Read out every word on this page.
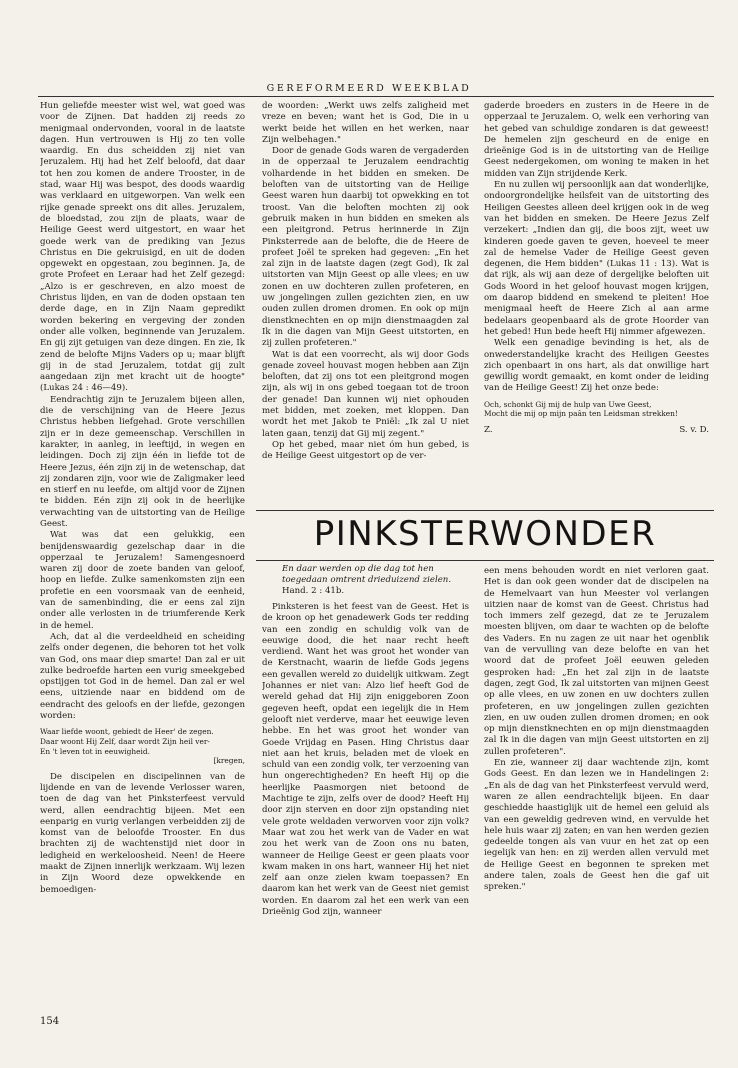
GEREFORMEERD WEEKBLAD

Hun geliefde meester wist wel, wat goed was voor de Zijnen. Dat hadden zij reeds zo menigmaal ondervonden, vooral in de laatste dagen. Hun vertrouwen is Hij zo ten volle waardig. En dus scheidden zij niet van Jeruzalem. Hij had het Zelf beloofd, dat daar tot hen zou komen de andere Trooster, in de stad, waar Hij was bespot, des doods waardig was verklaard en uitgeworpen. Van welk een rijke genade spreekt ons dit alles. Jeruzalem, de bloedstad, zou zijn de plaats, waar de Heilige Geest werd uitgestort, en waar het goede werk van de prediking van Jezus Christus en Die gekruisigd, en uit de doden opgewekt en opgestaan, zou beginnen. Ja, de grote Profeet en Leraar had het Zelf gezegd: „Alzo is er geschreven, en alzo moest de Christus lijden, en van de doden opstaan ten derde dage, en in Zijn Naam gepredikt worden bekering en vergeving der zonden onder alle volken, beginnende van Jeruzalem. En gij zijt getuigen van deze dingen. En zie, Ik zend de belofte Mijns Vaders op u; maar blijft gij in de stad Jeruzalem, totdat gij zult aangedaan zijn met kracht uit de hoogte" (Lukas 24 : 46—49).

Eendrachtig zijn te Jeruzalem bijeen allen, die de verschijning van de Heere Jezus Christus hebben liefgehad. Grote verschillen zijn er in deze gemeenschap. Verschillen in karakter, in aanleg, in leeftijd, in wegen en leidingen. Doch zij zijn één in liefde tot de Heere Jezus, één zijn zij in de wetenschap, dat zij zondaren zijn, voor wie de Zaligmaker leed en stierf en nu leefde, om altijd voor de Zijnen te bidden. Eén zijn zij ook in de heerlijke verwachting van de uitstorting van de Heilige Geest.

Wat was dat een gelukkig, een benijdenswaardig gezelschap daar in die opperzaal te Jeruzalem! Samengesnoerd waren zij door de zoete banden van geloof, hoop en liefde. Zulke samenkomsten zijn een profetie en een voorsmaak van de eenheid, van de samenbinding, die er eens zal zijn onder alle verlosten in de triumferende Kerk in de hemel.

Ach, dat al die verdeeldheid en scheiding zelfs onder degenen, die behoren tot het volk van God, ons maar diep smarte! Dan zal er uit zulke bedroefde harten een vurig smeekgebed opstijgen tot God in de hemel. Dan zal er wel eens, uitziende naar en biddend om de eendracht des geloofs en der liefde, gezongen worden:

Waar liefde woont, gebiedt de Heer' de zegen.
Daar woont Hij Zelf, daar wordt Zijn heil ver-
En 't leven tot in eeuwigheid.
[kregen,

De discipelen en discipelinnen van de lijdende en van de levende Verlosser waren, toen de dag van het Pinksterfeest vervuld werd, allen eendrachtig bijeen. Met een eenparig en vurig verlangen verbeidden zij de komst van de beloofde Trooster. En dus brachten zij de wachtenstijd niet door in ledigheid en werkeloosheid. Neen! de Heere maakt de Zijnen innerlijk werkzaam. Wij lezen in Zijn Woord deze opwekkende en bemoedigen-

de woorden: „Werkt uws zelfs zaligheid met vreze en beven; want het is God, Die in u werkt beide het willen en het werken, naar Zijn welbehagen."

Door de genade Gods waren de vergaderden in de opperzaal te Jeruzalem eendrachtig volhardende in het bidden en smeken. De beloften van de uitstorting van de Heilige Geest waren hun daarbij tot opwekking en tot troost. Van die beloften mochten zij ook gebruik maken in hun bidden en smeken als een pleitgrond. Petrus herinnerde in Zijn Pinksterrede aan de belofte, die de Heere de profeet Joël te spreken had gegeven: „En het zal zijn in de laatste dagen (zegt God), Ik zal uitstorten van Mijn Geest op alle vlees; en uw zonen en uw dochteren zullen profeteren, en uw jongelingen zullen gezichten zien, en uw ouden zullen dromen dromen. En ook op mijn dienstknechten en op mijn dienstmaagden zal Ik in die dagen van Mijn Geest uitstorten, en zij zullen profeteren."

Wat is dat een voorrecht, als wij door Gods genade zoveel houvast mogen hebben aan Zijn beloften, dat zij ons tot een pleitgrond mogen zijn, als wij in ons gebed toegaan tot de troon der genade! Dan kunnen wij niet ophouden met bidden, met zoeken, met kloppen. Dan wordt het met Jakob te Pniël: „Ik zal U niet laten gaan, tenzij dat Gij mij zegent."

Op het gebed, maar niet óm hun gebed, is de Heilige Geest uitgestort op de ver-

gaderde broeders en zusters in de Heere in de opperzaal te Jeruzalem. O, welk een verhoring van het gebed van schuldige zondaren is dat geweest! De hemelen zijn gescheurd en de enige en drieënige God is in de uitstorting van de Heilige Geest nedergekomen, om woning te maken in het midden van Zijn strijdende Kerk.

En nu zullen wij persoonlijk aan dat wonderlijke, ondoorgrondelijke heilsfeit van de uitstorting des Heiligen Geestes alleen deel krijgen ook in de weg van het bidden en smeken. De Heere Jezus Zelf verzekert: „Indien dan gij, die boos zijt, weet uw kinderen goede gaven te geven, hoeveel te meer zal de hemelse Vader de Heilige Geest geven degenen, die Hem bidden" (Lukas 11 : 13). Wat is dat rijk, als wij aan deze of dergelijke beloften uit Gods Woord in het geloof houvast mogen krijgen, om daarop biddend en smekend te pleiten! Hoe menigmaal heeft de Heere Zich al aan arme bedelaars geopenbaard als de grote Hoorder van het gebed! Hun bede heeft Hij nimmer afgewezen.

Welk een genadige bevinding is het, als de onwederstandelijke kracht des Heiligen Geestes zich openbaart in ons hart, als dat onwillige hart gewillig wordt gemaakt, en komt onder de leiding van de Heilige Geest! Zij het onze bede:

Och, schonkt Gij mij de hulp van Uwe Geest,
Mocht die mij op mijn paân ten Leidsman strekken!
Z.	S. v. D.
PINKSTERWONDER
En daar werden op die dag tot hen toegedaan omtrent drieduizend zielen. Hand. 2 : 41b.

Pinksteren is het feest van de Geest. Het is de kroon op het genadewerk Gods ter redding van een zondig en schuldig volk van de eeuwige dood, die het naar recht heeft verdiend. Want het was groot het wonder van de Kerstnacht, waarin de liefde Gods jegens een gevallen wereld zo duidelijk uitkwam. Zegt Johannes er niet van: Alzo lief heeft God de wereld gehad dat Hij zijn eniggeboren Zoon gegeven heeft, opdat een iegelijk die in Hem gelooft niet verderve, maar het eeuwige leven hebbe. En het was groot het wonder van Goede Vrijdag en Pasen. Hing Christus daar niet aan het kruis, beladen met de vloek en schuld van een zondig volk, ter verzoening van hun ongerechtigheden? En heeft Hij op die heerlijke Paasmorgen niet betoond de Machtige te zijn, zelfs over de dood? Heeft Hij door zijn sterven en door zijn opstanding niet vele grote weldaden verworven voor zijn volk? Maar wat zou het werk van de Vader en wat zou het werk van de Zoon ons nu baten, wanneer de Heilige Geest er geen plaats voor kwam maken in ons hart, wanneer Hij het niet zelf aan onze zielen kwam toepassen? En daarom kan het werk van de Geest niet gemist worden. En daarom zal het een werk van een Drieënig God zijn, wanneer

een mens behouden wordt en niet verloren gaat. Het is dan ook geen wonder dat de discipelen na de Hemelvaart van hun Meester vol verlangen uitzien naar de komst van de Geest. Christus had toch immers zelf gezegd, dat ze te Jeruzalem moesten blijven, om daar te wachten op de belofte des Vaders. En nu zagen ze uit naar het ogenblik van de vervulling van deze belofte en van het woord dat de profeet Joël eeuwen geleden gesproken had: „En het zal zijn in de laatste dagen, zegt God, Ik zal uitstorten van mijnen Geest op alle vlees, en uw zonen en uw dochters zullen profeteren, en uw jongelingen zullen gezichten zien, en uw ouden zullen dromen dromen; en ook op mijn dienstknechten en op mijn dienstmaagden zal Ik in die dagen van mijn Geest uitstorten en zij zullen profeteren".

En zie, wanneer zij daar wachtende zijn, komt Gods Geest. En dan lezen we in Handelingen 2: „En als de dag van het Pinksterfeest vervuld werd, waren ze allen eendrachtelijk bijeen. En daar geschiedde haastiglijk uit de hemel een geluid als van een geweldig gedreven wind, en vervulde het hele huis waar zij zaten; en van hen werden gezien gedeelde tongen als van vuur en het zat op een iegelijk van hen: en zij werden allen vervuld met de Heilige Geest en begonnen te spreken met andere talen, zoals de Geest hen die gaf uit spreken."

154
